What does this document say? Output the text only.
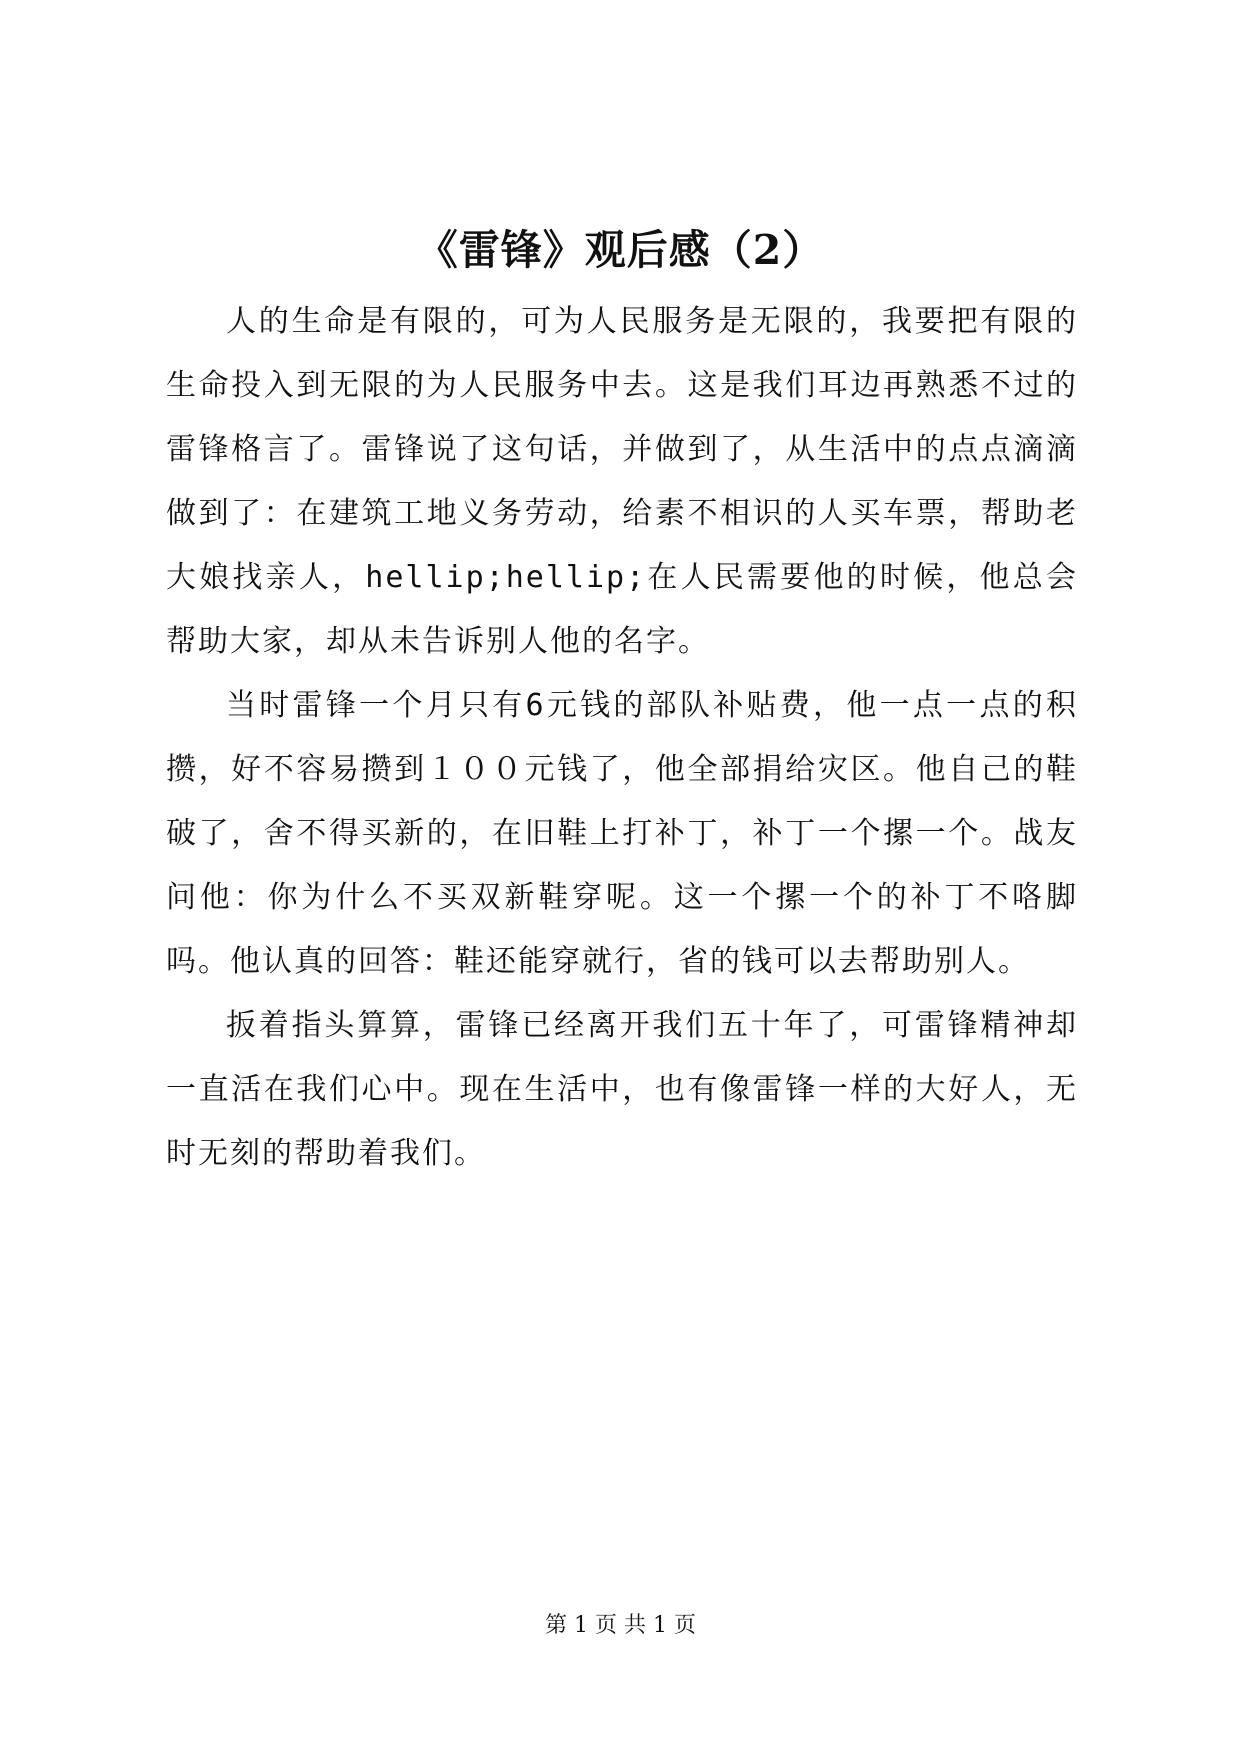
《雷锋》观后感（2）

人的生命是有限的，可为人民服务是无限的，我要把有限的生命投入到无限的为人民服务中去。这是我们耳边再熟悉不过的雷锋格言了。雷锋说了这句话，并做到了，从生活中的点点滴滴做到了：在建筑工地义务劳动，给素不相识的人买车票，帮助老大娘找亲人，hellip;hellip;在人民需要他的时候，他总会帮助大家，却从未告诉别人他的名字。

当时雷锋一个月只有6元钱的部队补贴费，他一点一点的积攒，好不容易攒到１００元钱了，他全部捐给灾区。他自己的鞋破了，舍不得买新的，在旧鞋上打补丁，补丁一个摞一个。战友问他：你为什么不买双新鞋穿呢。这一个摞一个的补丁不咯脚吗。他认真的回答：鞋还能穿就行，省的钱可以去帮助别人。

扳着指头算算，雷锋已经离开我们五十年了，可雷锋精神却一直活在我们心中。现在生活中，也有像雷锋一样的大好人，无时无刻的帮助着我们。

第 1 页 共 1 页
